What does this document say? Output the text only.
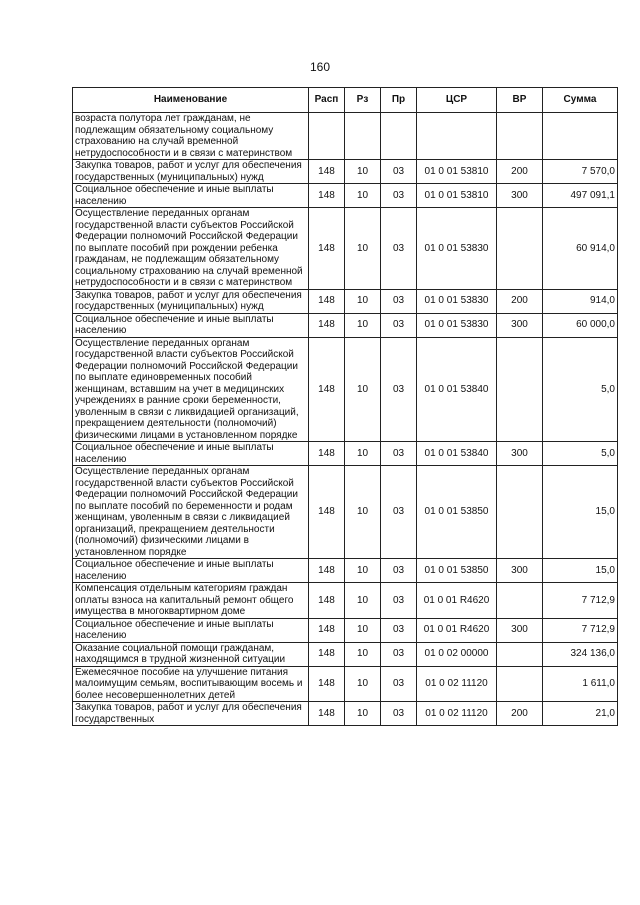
160
Наименование	Расп	Рз	Пр	ЦСР	ВР	Сумма
возраста полутора лет гражданам, не подлежащим обязательному социальному страхованию на случай временной нетрудоспособности и в связи с материнством						
Закупка товаров, работ и услуг для обеспечения государственных (муниципальных) нужд	148	10	03	01 0 01 53810	200	7 570,0
Социальное обеспечение и иные выплаты населению	148	10	03	01 0 01 53810	300	497 091,1
Осуществление переданных органам государственной власти субъектов Российской Федерации полномочий Российской Федерации по выплате пособий при рождении ребенка гражданам, не подлежащим обязательному социальному страхованию на случай временной нетрудоспособности и в связи с материнством	148	10	03	01 0 01 53830		60 914,0
Закупка товаров, работ и услуг для обеспечения государственных (муниципальных) нужд	148	10	03	01 0 01 53830	200	914,0
Социальное обеспечение и иные выплаты населению	148	10	03	01 0 01 53830	300	60 000,0
Осуществление переданных органам государственной власти субъектов Российской Федерации полномочий Российской Федерации по выплате единовременных пособий женщинам, вставшим на учет в медицинских учреждениях в ранние сроки беременности, уволенным в связи с ликвидацией организаций, прекращением деятельности (полномочий) физическими лицами в установленном порядке	148	10	03	01 0 01 53840		5,0
Социальное обеспечение и иные выплаты населению	148	10	03	01 0 01 53840	300	5,0
Осуществление переданных органам государственной власти субъектов Российской Федерации полномочий Российской Федерации по выплате пособий по беременности и родам женщинам, уволенным в связи с ликвидацией организаций, прекращением деятельности (полномочий) физическими лицами в установленном порядке	148	10	03	01 0 01 53850		15,0
Социальное обеспечение и иные выплаты населению	148	10	03	01 0 01 53850	300	15,0
Компенсация отдельным категориям граждан оплаты взноса на капитальный ремонт общего имущества в многоквартирном доме	148	10	03	01 0 01 R4620		7 712,9
Социальное обеспечение и иные выплаты населению	148	10	03	01 0 01 R4620	300	7 712,9
Оказание социальной помощи гражданам, находящимся в трудной жизненной ситуации	148	10	03	01 0 02 00000		324 136,0
Ежемесячное пособие на улучшение питания малоимущим семьям, воспитывающим восемь и более несовершеннолетних детей	148	10	03	01 0 02 11120		1 611,0
Закупка товаров, работ и услуг для обеспечения государственных	148	10	03	01 0 02 11120	200	21,0
